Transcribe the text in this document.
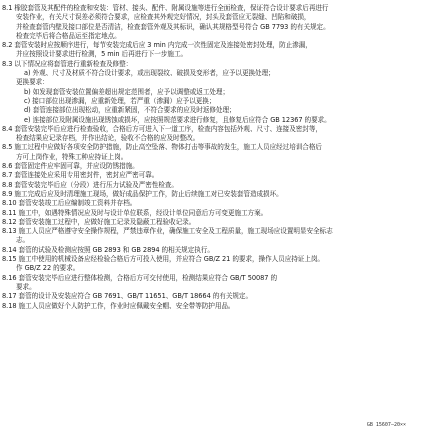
8.1 橡胶套管及其配件的检查和安装：管材、接头、配件、附属设施等进行全面检查，保证符合设计要求后再进行
安装作业，有关尺寸误差必须符合要求，应检查其外观完好情况，封头及套管应无裂缝、凹陷和破损，
并检查套管内壁及接口部位是否清洁，检查套管外观及其标识，确认其规格型号符合 GB 7793 的有关规定。
检查完毕后将合格品运至指定地点。
8.2 套管安装时应按顺序进行，每节安装完成后应 3 min 内完成一次性固定及连接处密封处理，防止渗漏，
并应按照设计要求进行检测，5 min 后再进行下一步施工。
8.3 以下情况应将套管进行重新检查及修整：
a) 外观、尺寸及材质不符合设计要求，或出现裂纹、破损及变形者，应予以更换处理；
更换要求：
b) 如发现套管安装位置偏差超出规定范围者，应予以调整或返工处理；
c) 接口部位出现渗漏，应重新处理，若严重（渗漏）应予以更换；
d) 套管连接部位出现松动，应重新紧固，不符合要求的应及时返修处理；
e) 连接部位及附属设施出现锈蚀或损坏，应按照规范要求进行修复，且修复后应符合 GB 12367 的要求。
8.4 套管安装完毕后应进行检查验收，合格后方可进入下一道工序，检查内容包括外观、尺寸、连接及密封等，
检查结果应记录存档，并作出结论，验收不合格的应及时整改。
8.5 施工过程中应做好各项安全防护措施，防止高空坠落、物体打击等事故的发生，施工人员应经过培训合格后
方可上岗作业，特殊工种应持证上岗。
8.6 套管固定件应牢固可靠，并应设防锈措施。
8.7 套管连接处应采用专用密封件，密封应严密可靠。
8.8 套管安装完毕后应（分段）进行压力试验及严密性检查。
8.9 施工完成后应及时清理施工现场，做好成品保护工作，防止后续施工对已安装套管造成损坏。
8.10 套管安装竣工后应编制竣工资料并存档。
8.11 施工中，如遇特殊情况应及时与设计单位联系，经设计单位同意后方可变更施工方案。
8.12 套管安装施工过程中，应做好施工记录及隐蔽工程验收记录。
8.13 施工人员应严格遵守安全操作规程，严禁违章作业，确保施工安全及工程质量，施工现场应设置明显安全标志
志。
8.14 套管的试验及检测应按照 GB 2893 和 GB 2894 的相关规定执行。
8.15 施工中使用的机械设备应经检验合格后方可投入使用，并应符合 GB/Z 21 的要求，操作人员应持证上岗。
作 GB/Z 22 的要求。
8.16 套管安装完毕后应进行整体检测，合格后方可交付使用，检测结果应符合 GB/T 50087 的
要求。
8.17 套管的设计及安装应符合 GB 7691、GB/T 11651、GB/T 18664 的有关规定。
8.18 施工人员应做好个人防护工作，作业时应佩戴安全帽、安全带等防护用品。
GB 15607—20××
